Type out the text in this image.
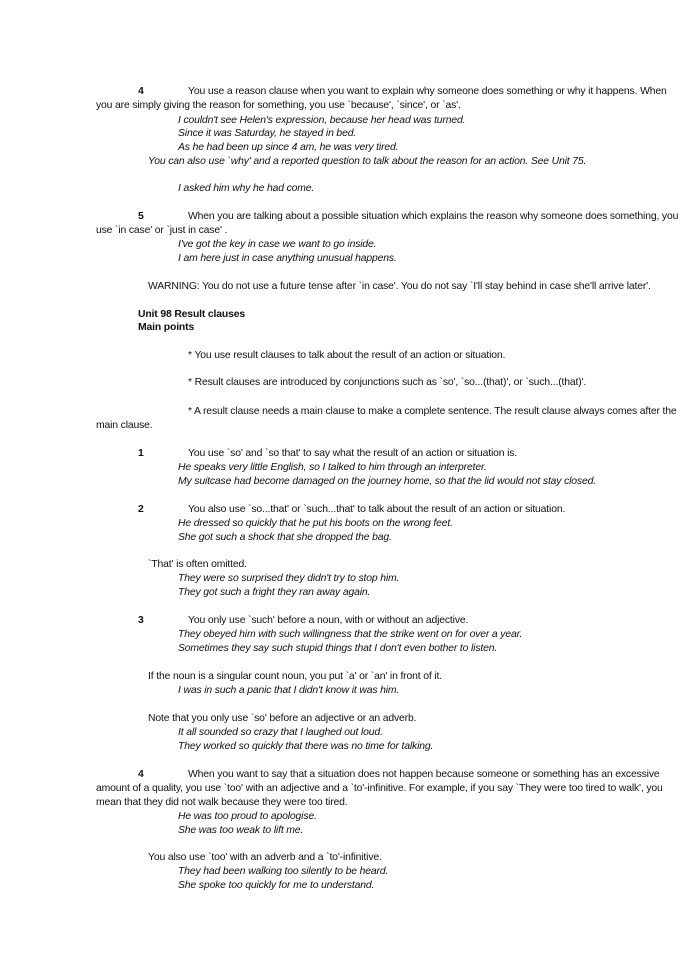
4	You use a reason clause when you want to explain why someone does something or why it happens. When
you are simply giving the reason for something, you use `because', `since', or `as'.
I couldn't see Helen's expression, because her head was turned.
Since it was Saturday, he stayed in bed.
As he had been up since 4 am, he was very tired.
You can also use `why' and a reported question to talk about the reason for an action. See Unit 75.
I asked him why he had come.
5	When you are talking about a possible situation which explains the reason why someone does something, you
use `in case' or `just in case' .
I've got the key in case we want to go inside.
I am here just in case anything unusual happens.
WARNING: You do not use a future tense after `in case'. You do not say `I'll stay behind in case she'll arrive later'.
Unit 98 Result clauses
Main points
* You use result clauses to talk about the result of an action or situation.
* Result clauses are introduced by conjunctions such as `so', `so...(that)', or `such...(that)'.
* A result clause needs a main clause to make a complete sentence. The result clause always comes after the
main clause.
1	You use `so' and `so that' to say what the result of an action or situation is.
He speaks very little English, so I talked to him through an interpreter.
My suitcase had become damaged on the journey home, so that the lid would not stay closed.
2	You also use `so...that' or `such...that' to talk about the result of an action or situation.
He dressed so quickly that he put his boots on the wrong feet.
She got such a shock that she dropped the bag.
`That' is often omitted.
They were so surprised they didn't try to stop him.
They got such a fright they ran away again.
3	You only use `such' before a noun, with or without an adjective.
They obeyed him with such willingness that the strike went on for over a year.
Sometimes they say such stupid things that I don't even bother to listen.
If the noun is a singular count noun, you put `a' or `an' in front of it.
I was in such a panic that I didn't know it was him.
Note that you only use `so' before an adjective or an adverb.
It all sounded so crazy that I laughed out loud.
They worked so quickly that there was no time for talking.
4	When you want to say that a situation does not happen because someone or something has an excessive
amount of a quality, you use `too' with an adjective and a `to'-infinitive. For example, if you say `They were too tired to walk', you
mean that they did not walk because they were too tired.
He was too proud to apologise.
She was too weak to lift me.
You also use `too' with an adverb and a `to'-infinitive.
They had been walking too silently to be heard.
She spoke too quickly for me to understand.
